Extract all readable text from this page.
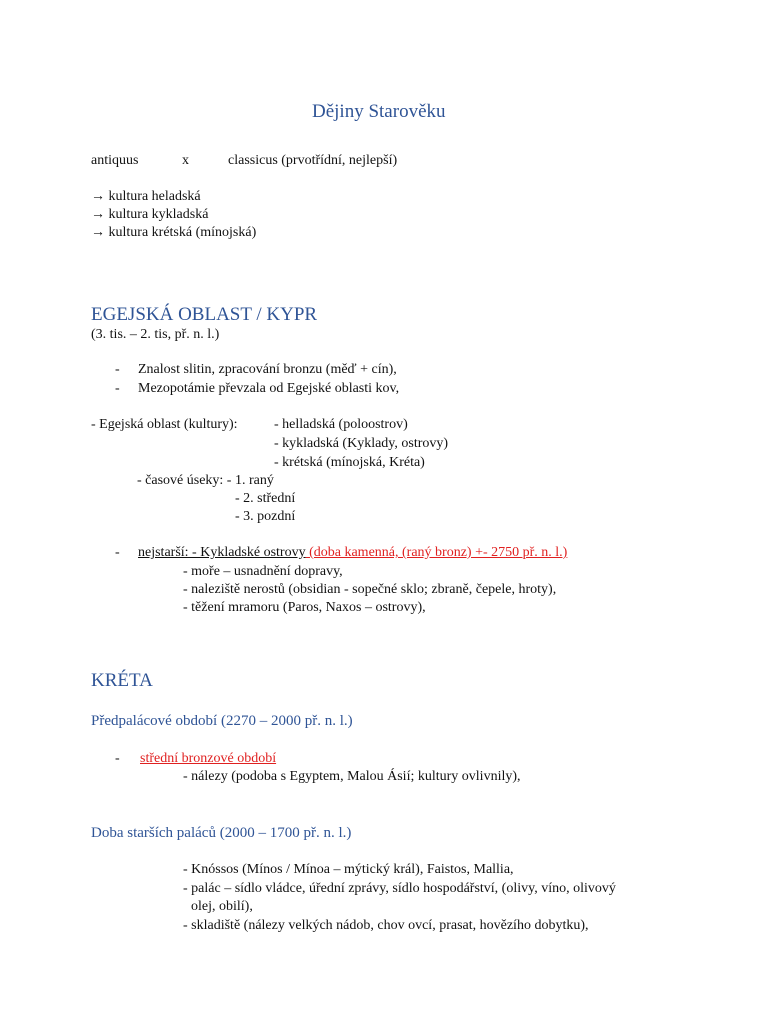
Dějiny Starověku
antiquus	x	classicus (prvotřídní, nejlepší)
→ kultura heladská
→ kultura kykladská
→ kultura krétská (mínojská)
EGEJSKÁ OBLAST / KYPR
(3. tis. – 2. tis, př. n. l.)
- Znalost slitin, zpracování bronzu (měď + cín),
- Mezopotámie převzala od Egejské oblasti kov,
- Egejská oblast (kultury):	- helladská (poloostrov)
- kykladská (Kyklady, ostrovy)
- krétská (mínojská, Kréta)
- časové úseky: - 1. raný
- 2. střední
- 3. pozdní
- nejstarší: - Kykladské ostrovy (doba kamenná, (raný bronz) +- 2750 př. n. l.)
- moře – usnadnění dopravy,
- naleziště nerostů (obsidian - sopečné sklo; zbraně, čepele, hroty),
- těžení mramoru (Paros, Naxos – ostrovy),
KRÉTA
Předpalácové období (2270 – 2000 př. n. l.)
- střední bronzové období
- nálezy (podoba s Egyptem, Malou Ásií; kultury ovlivnily),
Doba starších paláců (2000 – 1700 př. n. l.)
- Knóssos (Mínos / Mínoa – mýtický král), Faistos, Mallia,
- palác – sídlo vládce, úřední zprávy, sídlo hospodářství, (olivy, víno, olivový
olej, obilí),
- skladiště (nálezy velkých nádob, chov ovcí, prasat, hovězího dobytku),
